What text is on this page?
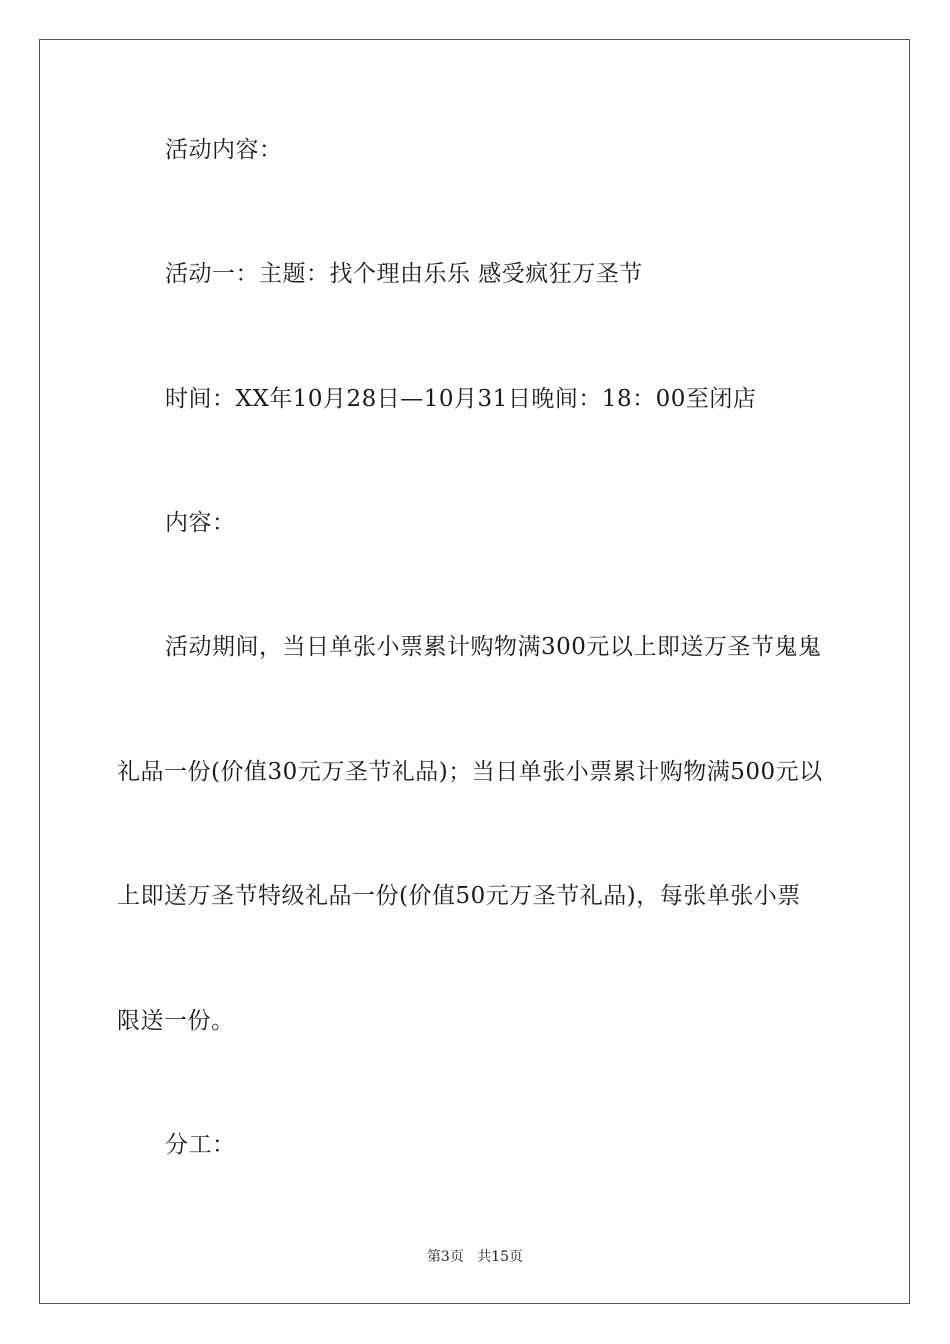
活动内容：
活动一：主题：找个理由乐乐 感受疯狂万圣节
时间：XX年10月28日—10月31日晚间：18：00至闭店
内容：
活动期间，当日单张小票累计购物满300元以上即送万圣节鬼鬼
礼品一份(价值30元万圣节礼品)；当日单张小票累计购物满500元以
上即送万圣节特级礼品一份(价值50元万圣节礼品)，每张单张小票
限送一份。
分工：
第3页 共15页
